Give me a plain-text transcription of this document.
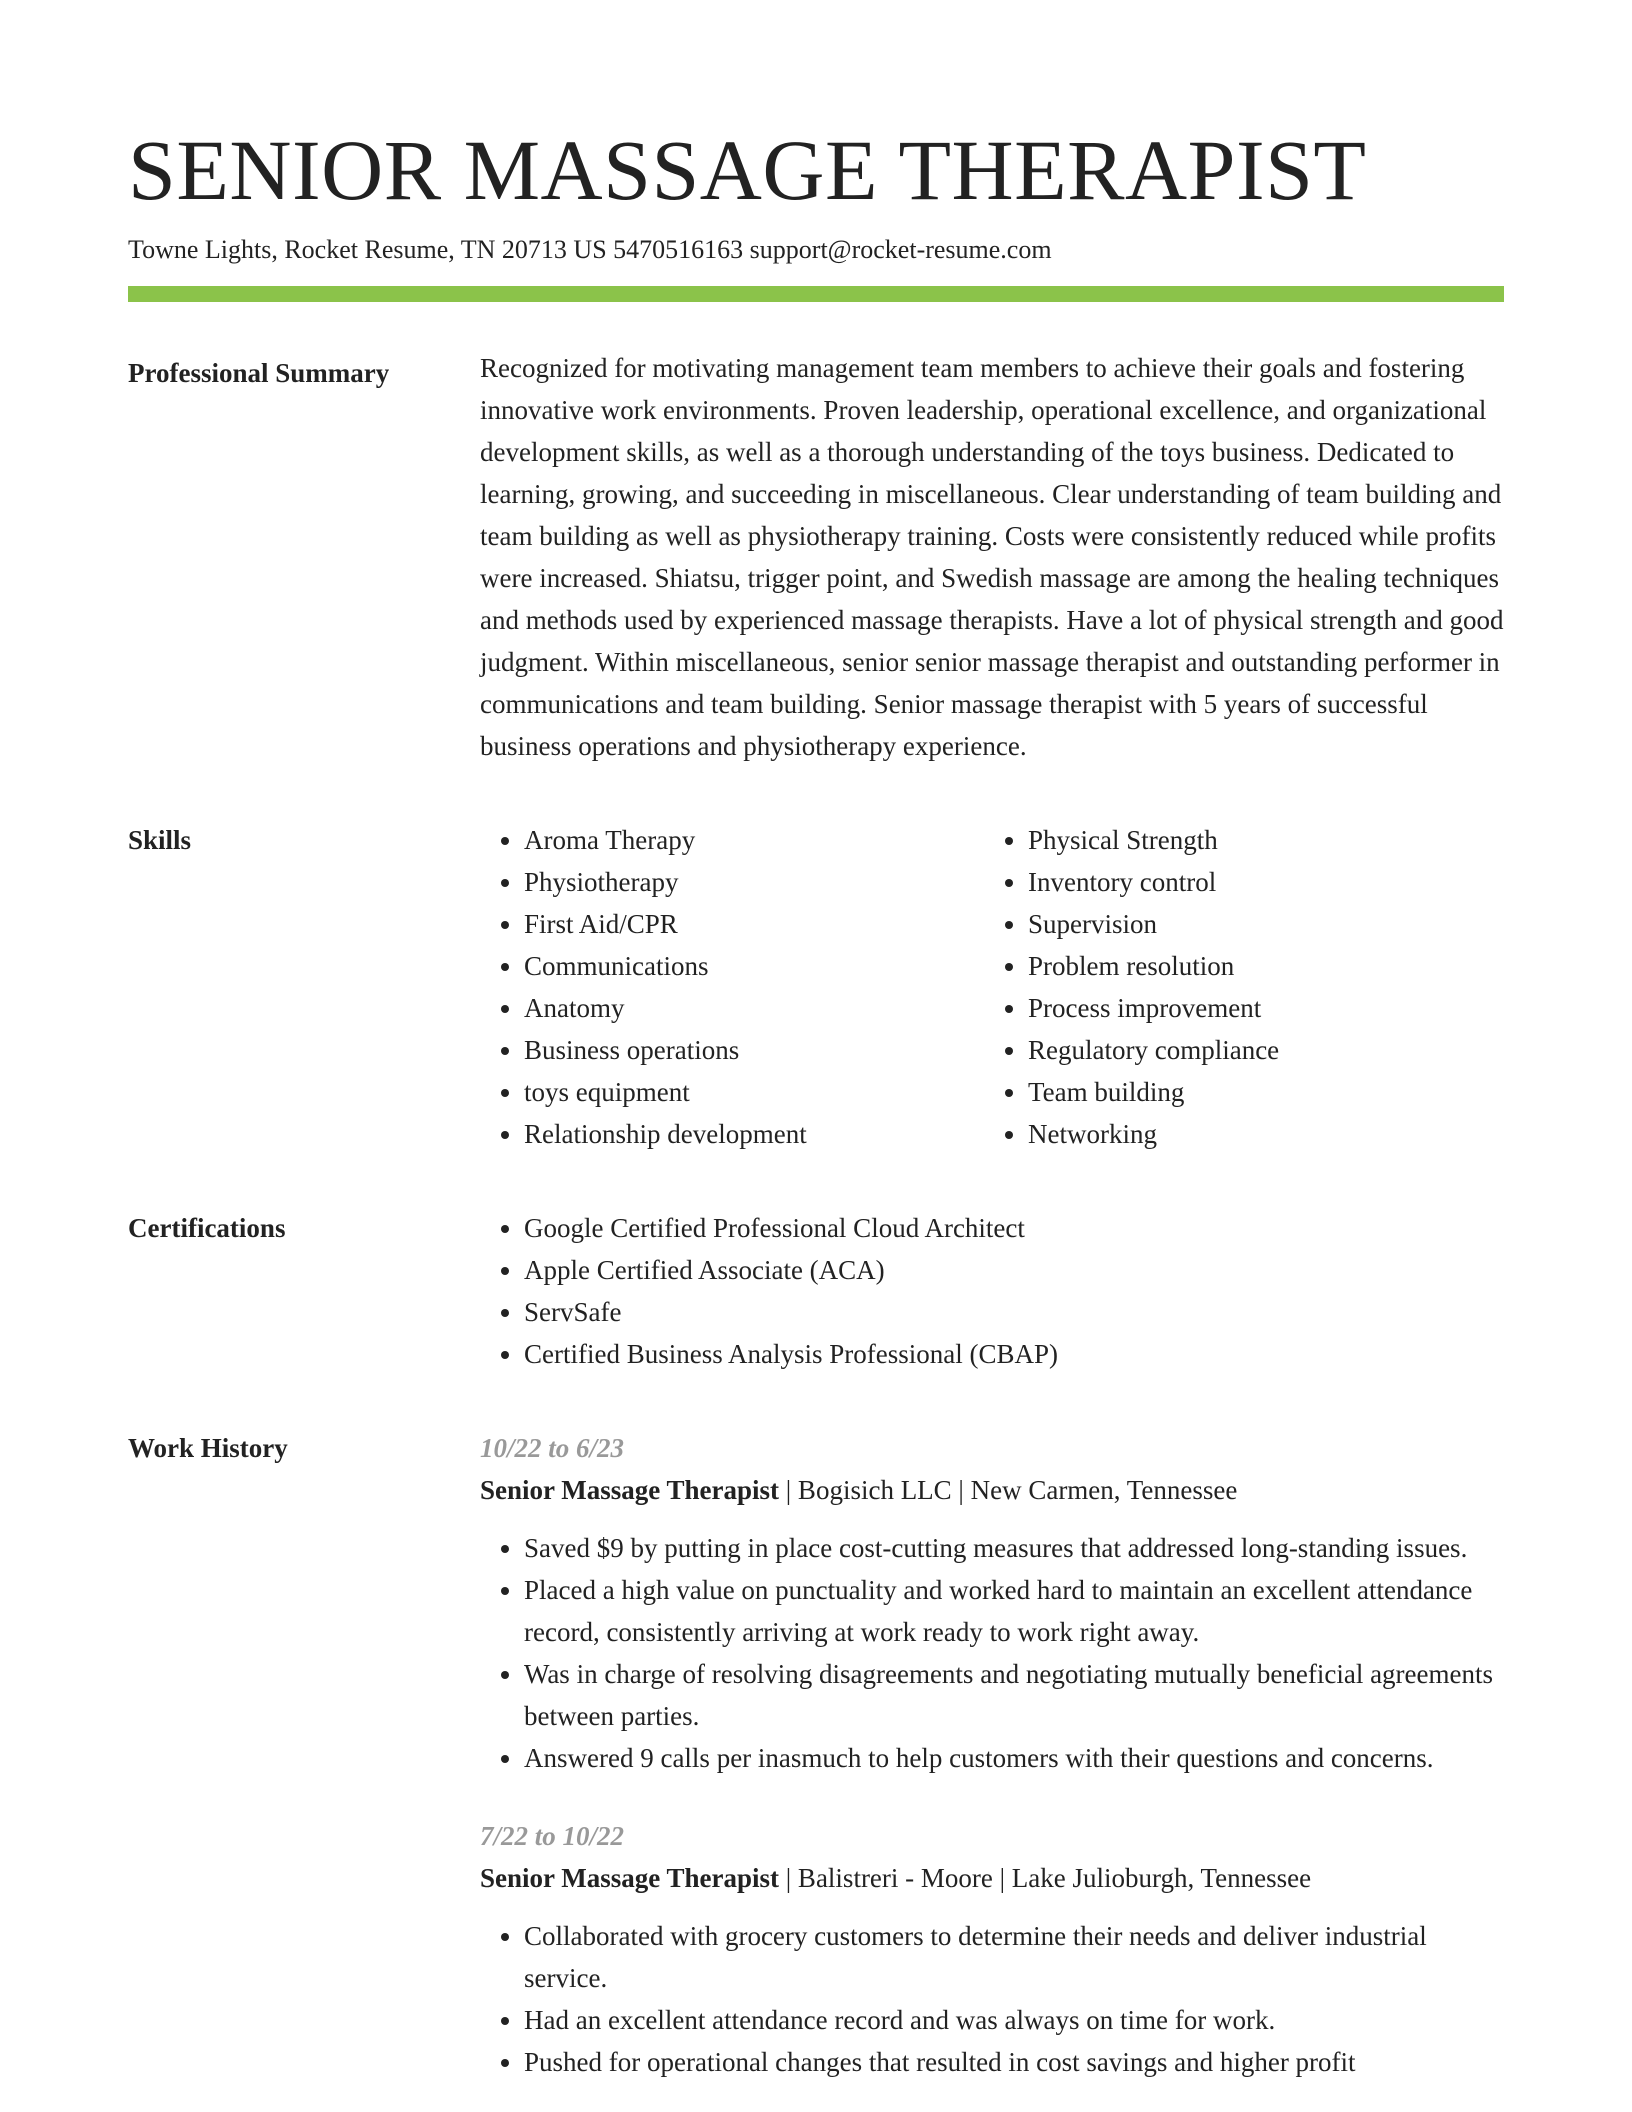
SENIOR MASSAGE THERAPIST
Towne Lights, Rocket Resume, TN 20713 US 5470516163 support@rocket-resume.com
Professional Summary	Recognized for motivating management team members to achieve their goals and fostering innovative work environments. Proven leadership, operational excellence, and organizational development skills, as well as a thorough understanding of the toys business. Dedicated to learning, growing, and succeeding in miscellaneous. Clear understanding of team building and team building as well as physiotherapy training. Costs were consistently reduced while profits were increased. Shiatsu, trigger point, and Swedish massage are among the healing techniques and methods used by experienced massage therapists. Have a lot of physical strength and good judgment. Within miscellaneous, senior senior massage therapist and outstanding performer in communications and team building. Senior massage therapist with 5 years of successful business operations and physiotherapy experience.

Skills	• Aroma Therapy
• Physiotherapy
• First Aid/CPR
• Communications
• Anatomy
• Business operations
• toys equipment
• Relationship development
• Physical Strength
• Inventory control
• Supervision
• Problem resolution
• Process improvement
• Regulatory compliance
• Team building
• Networking
Certifications	• Google Certified Professional Cloud Architect
• Apple Certified Associate (ACA)
• ServSafe
• Certified Business Analysis Professional (CBAP)
Work History	10/22 to 6/23
Senior Massage Therapist | Bogisich LLC | New Carmen, Tennessee
• Saved $9 by putting in place cost-cutting measures that addressed long-standing issues.
• Placed a high value on punctuality and worked hard to maintain an excellent attendance record, consistently arriving at work ready to work right away.
• Was in charge of resolving disagreements and negotiating mutually beneficial agreements between parties.
• Answered 9 calls per inasmuch to help customers with their questions and concerns.
7/22 to 10/22
Senior Massage Therapist | Balistreri - Moore | Lake Julioburgh, Tennessee
• Collaborated with grocery customers to determine their needs and deliver industrial service.
• Had an excellent attendance record and was always on time for work.
• Pushed for operational changes that resulted in cost savings and higher profit
